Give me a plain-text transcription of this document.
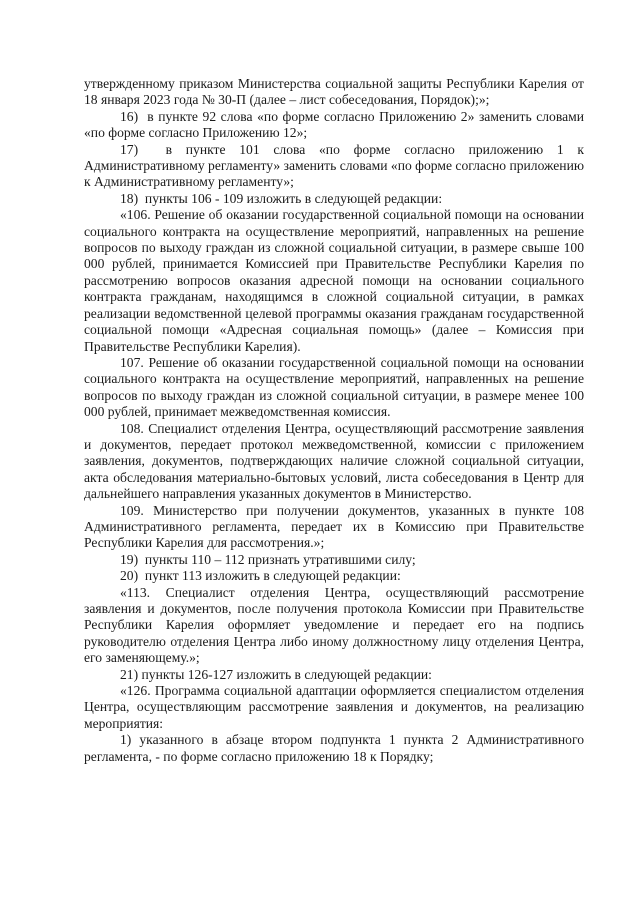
утвержденному приказом Министерства социальной защиты Республики Карелия от 18 января 2023 года № 30-П (далее – лист собеседования, Порядок);»;

16)  в пункте 92 слова «по форме согласно Приложению 2» заменить словами «по форме согласно Приложению 12»;

17)  в пункте 101 слова «по форме согласно приложению 1 к Административному регламенту» заменить словами «по форме согласно приложению к Административному регламенту»;

18)  пункты 106 - 109 изложить в следующей редакции:

«106. Решение об оказании государственной социальной помощи на основании социального контракта на осуществление мероприятий, направленных на решение вопросов по выходу граждан из сложной социальной ситуации, в размере свыше 100 000 рублей, принимается Комиссией при Правительстве Республики Карелия по рассмотрению вопросов оказания адресной помощи на основании социального контракта гражданам, находящимся в сложной социальной ситуации, в рамках реализации ведомственной целевой программы оказания гражданам государственной социальной помощи «Адресная социальная помощь» (далее – Комиссия при Правительстве Республики Карелия).

107. Решение об оказании государственной социальной помощи на основании социального контракта на осуществление мероприятий, направленных на решение вопросов по выходу граждан из сложной социальной ситуации, в размере менее 100 000 рублей, принимает межведомственная комиссия.

108. Специалист отделения Центра, осуществляющий рассмотрение заявления и документов, передает протокол межведомственной, комиссии с приложением заявления, документов, подтверждающих наличие сложной социальной ситуации, акта обследования материально-бытовых условий, листа собеседования в Центр для дальнейшего направления указанных документов в Министерство.

109. Министерство при получении документов, указанных в пункте 108 Административного регламента, передает их в Комиссию при Правительстве Республики Карелия для рассмотрения.»;

19)  пункты 110 – 112 признать утратившими силу;

20)  пункт 113 изложить в следующей редакции:

«113. Специалист отделения Центра, осуществляющий рассмотрение заявления и документов, после получения протокола Комиссии при Правительстве Республики Карелия оформляет уведомление и передает его на подпись руководителю отделения Центра либо иному должностному лицу отделения Центра, его заменяющему.»;

21) пункты 126-127 изложить в следующей редакции:

«126. Программа социальной адаптации оформляется специалистом отделения Центра, осуществляющим рассмотрение заявления и документов, на реализацию мероприятия:

1) указанного в абзаце втором подпункта 1 пункта 2 Административного регламента, - по форме согласно приложению 18 к Порядку;
